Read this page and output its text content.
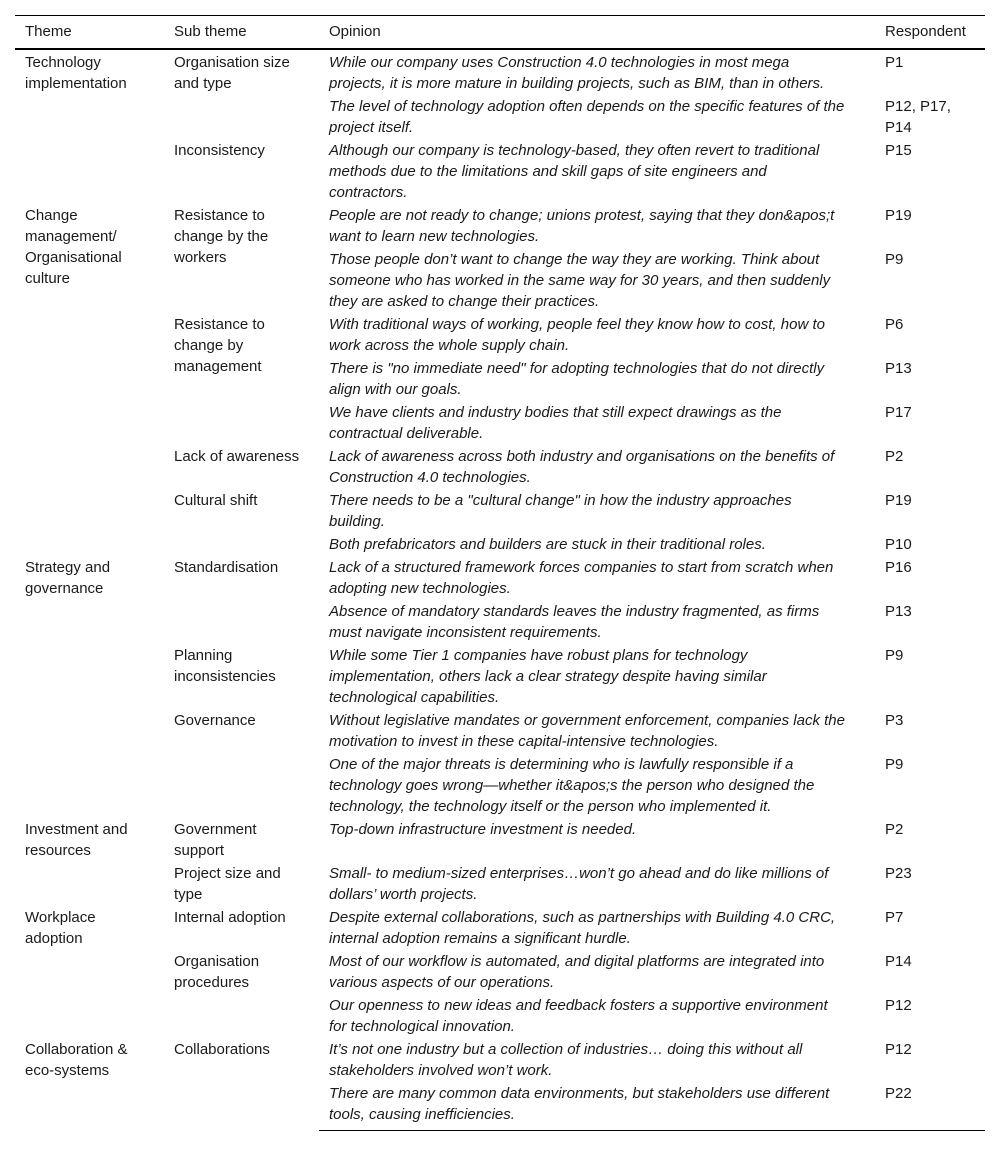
Theme	Sub theme	Opinion	Respondent
Technology implementation	Organisation size and type	While our company uses Construction 4.0 technologies in most mega projects, it is more mature in building projects, such as BIM, than in others.	P1
		The level of technology adoption often depends on the specific features of the project itself.	P12, P17, P14
	Inconsistency	Although our company is technology-based, they often revert to traditional methods due to the limitations and skill gaps of site engineers and contractors.	P15
Change management/ Organisational culture	Resistance to change by the workers	People are not ready to change; unions protest, saying that they don&apos;t want to learn new technologies.	P19
		Those people don’t want to change the way they are working. Think about someone who has worked in the same way for 30 years, and then suddenly they are asked to change their practices.	P9
	Resistance to change by management	With traditional ways of working, people feel they know how to cost, how to work across the whole supply chain.	P6
		There is "no immediate need" for adopting technologies that do not directly align with our goals.	P13
		We have clients and industry bodies that still expect drawings as the contractual deliverable.	P17
	Lack of awareness	Lack of awareness across both industry and organisations on the benefits of Construction 4.0 technologies.	P2
	Cultural shift	There needs to be a "cultural change" in how the industry approaches building.	P19
		Both prefabricators and builders are stuck in their traditional roles.	P10
Strategy and governance	Standardisation	Lack of a structured framework forces companies to start from scratch when adopting new technologies.	P16
		Absence of mandatory standards leaves the industry fragmented, as firms must navigate inconsistent requirements.	P13
	Planning inconsistencies	While some Tier 1 companies have robust plans for technology implementation, others lack a clear strategy despite having similar technological capabilities.	P9
	Governance	Without legislative mandates or government enforcement, companies lack the motivation to invest in these capital-intensive technologies.	P3
		One of the major threats is determining who is lawfully responsible if a technology goes wrong—whether it&apos;s the person who designed the technology, the technology itself or the person who implemented it.	P9
Investment and resources	Government support	Top-down infrastructure investment is needed.	P2
	Project size and type	Small- to medium-sized enterprises…won’t go ahead and do like millions of dollars’ worth projects.	P23
Workplace adoption	Internal adoption	Despite external collaborations, such as partnerships with Building 4.0 CRC, internal adoption remains a significant hurdle.	P7
	Organisation procedures	Most of our workflow is automated, and digital platforms are integrated into various aspects of our operations.	P14
		Our openness to new ideas and feedback fosters a supportive environment for technological innovation.	P12
Collaboration & eco-systems	Collaborations	It’s not one industry but a collection of industries… doing this without all stakeholders involved won’t work.	P12
		There are many common data environments, but stakeholders use different tools, causing inefficiencies.	P22
